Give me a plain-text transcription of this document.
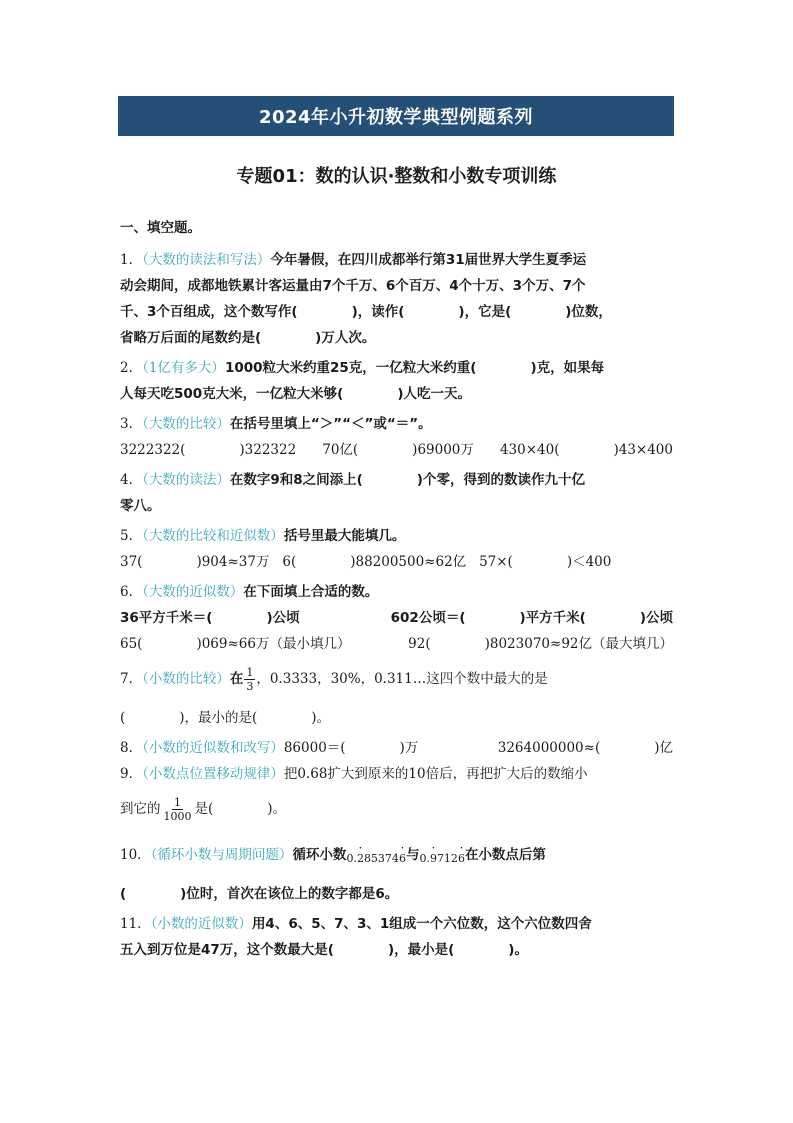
2024年小升初数学典型例题系列
专题01：数的认识·整数和小数专项训练
一、填空题。
1．（大数的读法和写法）今年暑假，在四川成都举行第31届世界大学生夏季运
动会期间，成都地铁累计客运量由7个千万、6个百万、4个十万、3个万、7个
千、3个百组成，这个数写作(　　　　)，读作(　　　　)，它是(　　　　)位数，
省略万后面的尾数约是(　　　　)万人次。
2．（1亿有多大）1000粒大米约重25克，一亿粒大米约重(　　　　)克，如果每
人每天吃500克大米，一亿粒大米够(　　　　)人吃一天。
3．（大数的比较）在括号里填上“＞”“＜”或“＝”。
3222322(　　　　)322322 70亿(　　　　)69000万 430×40(　　　　)43×400
4．（大数的读法）在数字9和8之间添上(　　　　)个零，得到的数读作九十亿
零八。
5．（大数的比较和近似数）括号里最大能填几。
37(　　　　)904≈37万 6(　　　　)88200500≈62亿 57×(　　　　)＜400
6．（大数的近似数）在下面填上合适的数。
36平方千米＝(　　　　)公顷	602公顷＝(　　　　)平方千米(　　　　)公顷
65(　　　　)069≈66万（最小填几）	92(　　　　)8023070≈92亿（最大填几）
7．（小数的比较）在 $\frac{1}{3}$ ，0.3333，30%，0.311…这四个数中最大的是
(　　　　)，最小的是(　　　　)。
8．（小数的近似数和改写）86000＝(　　　　)万	3264000000≈(　　　　)亿
9．（小数点位置移动规律）把0.68扩大到原来的10倍后，再把扩大后的数缩小
到它的 $\frac{1}{1000}$ 是(　　　　)。
10．（循环小数与周期问题）循环小数$_{0.\cdot 285374\cdot 6}$与$_{0.\cdot 9712\cdot 6}$在小数点后第
(　　　　)位时，首次在该位上的数字都是6。
11．（小数的近似数）用4、6、5、7、3、1组成一个六位数，这个六位数四舍
五入到万位是47万，这个数最大是(　　　　)，最小是(　　　　)。
